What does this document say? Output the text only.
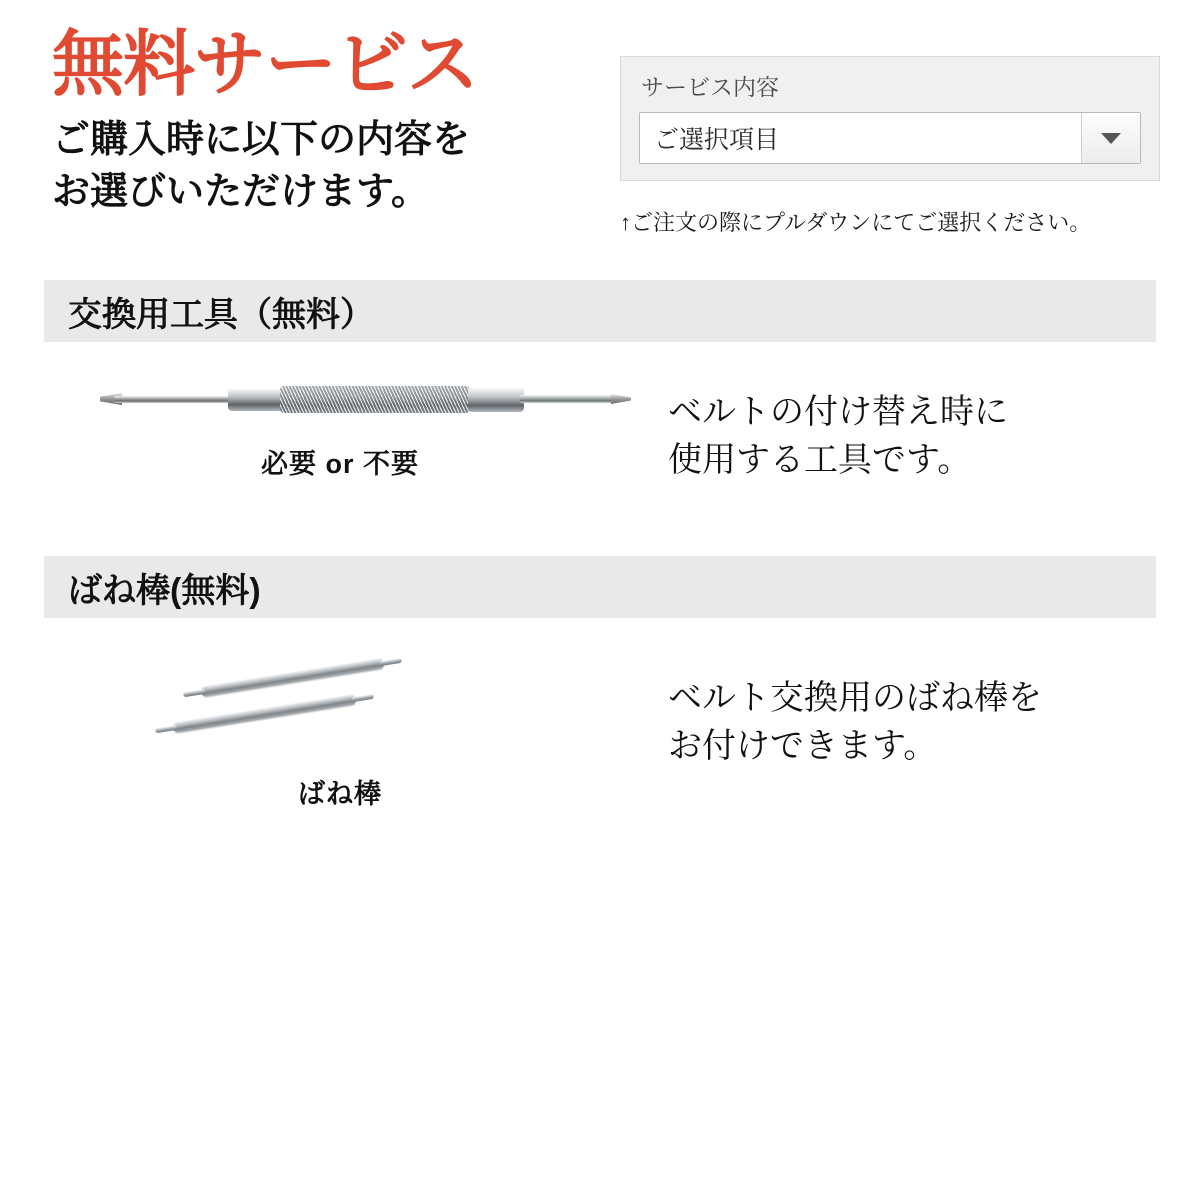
無料サービス
ご購入時に以下の内容を
お選びいただけます。
サービス内容
ご選択項目
↑ご注文の際にプルダウンにてご選択ください。
交換用工具（無料）
必要 or 不要
ベルトの付け替え時に
使用する工具です。
ばね棒(無料)
ばね棒
ベルト交換用のばね棒を
お付けできます。
